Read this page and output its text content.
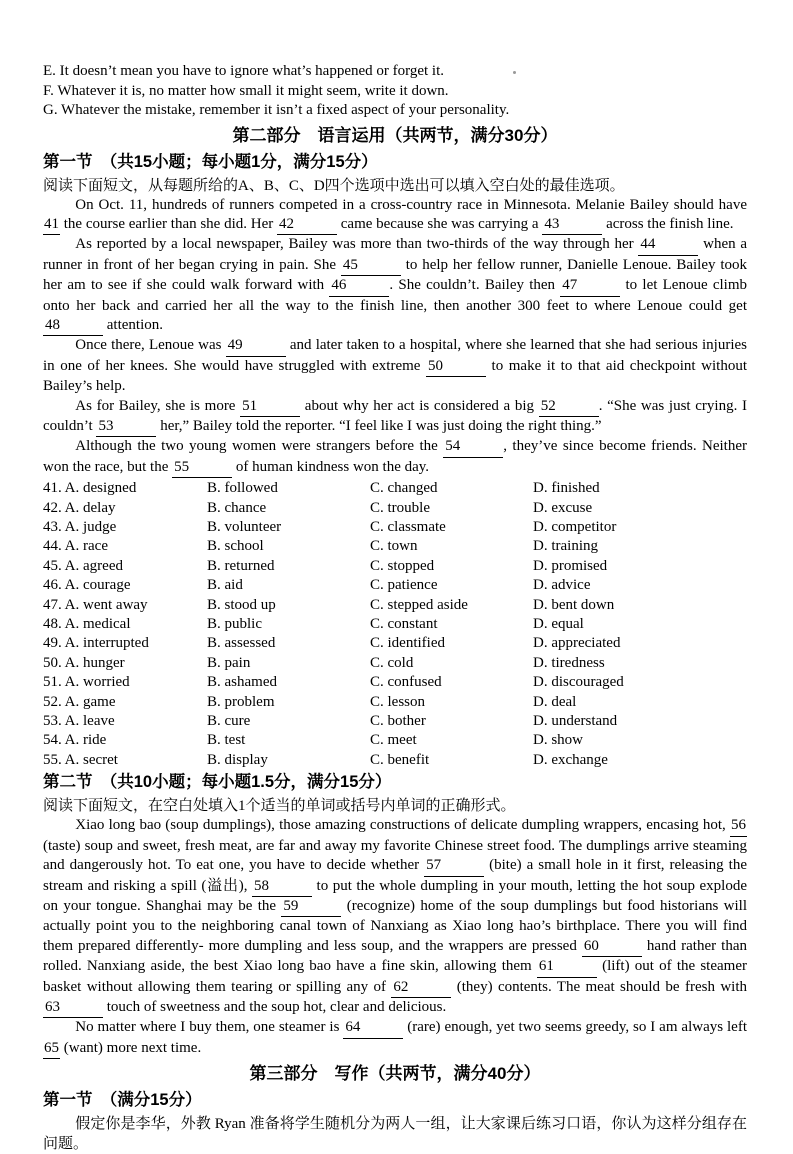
E. It doesn’t mean you have to ignore what’s happened or forget it.
F. Whatever it is, no matter how small it might seem, write it down.
G. Whatever the mistake, remember it isn’t a fixed aspect of your personality.
第二部分　语言运用（共两节，满分30分）
第一节　（共15小题；每小题1分，满分15分）
阅读下面短文，从每题所给的A、B、C、D四个选项中选出可以填入空白处的最佳选项。

On Oct. 11, hundreds of runners competed in a cross-country race in Minnesota. Melanie Bailey should have 41 the course earlier than she did. Her 42	came because she was carrying a 43	across the finish line.

As reported by a local newspaper, Bailey was more than two-thirds of the way through her 44	when a runner in front of her began crying in pain. She 45	to help her fellow runner, Danielle Lenoue. Bailey took her am to see if she could walk forward with 46	. She couldn’t. Bailey then 47	to let Lenoue climb onto her back and carried her all the way to the finish line, then another 300 feet to where Lenoue could get 48	attention.

Once there, Lenoue was 49	and later taken to a hospital, where she learned that she had serious injuries in one of her knees. She would have struggled with extreme 50	to make it to that aid checkpoint without Bailey’s help.

As for Bailey, she is more 51	about why her act is considered a big 52	. “She was just crying. I couldn’t 53	her,” Bailey told the reporter. “I feel like I was just doing the right thing.”

Although the two young women were strangers before the 54	, they’ve since become friends. Neither won the race, but the 55	of human kindness won the day.

41. A. designed	B. followed	C. changed	D. finished
42. A. delay	B. chance	C. trouble	D. excuse
43. A. judge	B. volunteer	C. classmate	D. competitor
44. A. race	B. school	C. town	D. training
45. A. agreed	B. returned	C. stopped	D. promised
46. A. courage	B. aid	C. patience	D. advice
47. A. went away	B. stood up	C. stepped aside	D. bent down
48. A. medical	B. public	C. constant	D. equal
49. A. interrupted	B. assessed	C. identified	D. appreciated
50. A. hunger	B. pain	C. cold	D. tiredness
51. A. worried	B. ashamed	C. confused	D. discouraged
52. A. game	B. problem	C. lesson	D. deal
53. A. leave	B. cure	C. bother	D. understand
54. A. ride	B. test	C. meet	D. show
55. A. secret	B. display	C. benefit	D. exchange
第二节　（共10小题；每小题1.5分，满分15分）
阅读下面短文，在空白处填入1个适当的单词或括号内单词的正确形式。

Xiao long bao (soup dumplings), those amazing constructions of delicate dumpling wrappers, encasing hot, 56 (taste) soup and sweet, fresh meat, are far and away my favorite Chinese street food. The dumplings arrive steaming and dangerously hot. To eat one, you have to decide whether 57	(bite) a small hole in it first, releasing the stream and risking a spill (溢出), 58	to put the whole dumpling in your mouth, letting the hot soup explode on your tongue. Shanghai may be the 59	(recognize) home of the soup dumplings but food historians will actually point you to the neighboring canal town of Nanxiang as Xiao long hao’s birthplace. There you will find them prepared differently- more dumpling and less soup, and the wrappers are pressed 60	hand rather than rolled. Nanxiang aside, the best Xiao long bao have a fine skin, allowing them 61	(lift) out of the steamer basket without allowing them tearing or spilling any of 62	(they) contents. The meat should be fresh with 63	touch of sweetness and the soup hot, clear and delicious.

No matter where I buy them, one steamer is 64	(rare) enough, yet two seems greedy, so I am always left 65 (want) more next time.

第三部分　写作（共两节，满分40分）
第一节　（满分15分）

假定你是李华，外教 Ryan 准备将学生随机分为两人一组，让大家课后练习口语，你认为这样分组存在问题。
